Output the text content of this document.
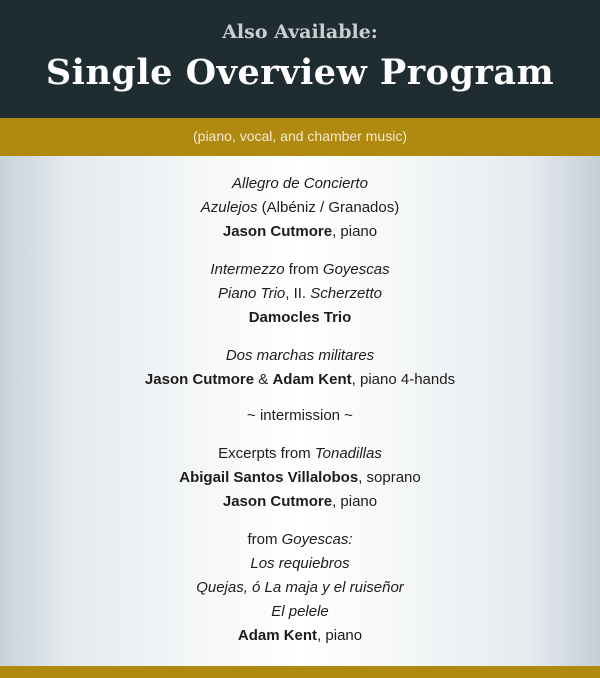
Also Available:
Single Overview Program
(piano, vocal, and chamber music)
Allegro de Concierto
Azulejos (Albéniz / Granados)
Jason Cutmore, piano
Intermezzo from Goyescas
Piano Trio, II. Scherzetto
Damocles Trio
Dos marchas militares
Jason Cutmore & Adam Kent, piano 4-hands
~ intermission ~
Excerpts from Tonadillas
Abigail Santos Villalobos, soprano
Jason Cutmore, piano
from Goyescas:
Los requiebros
Quejas, ó La maja y el ruiseñor
El pelele
Adam Kent, piano
